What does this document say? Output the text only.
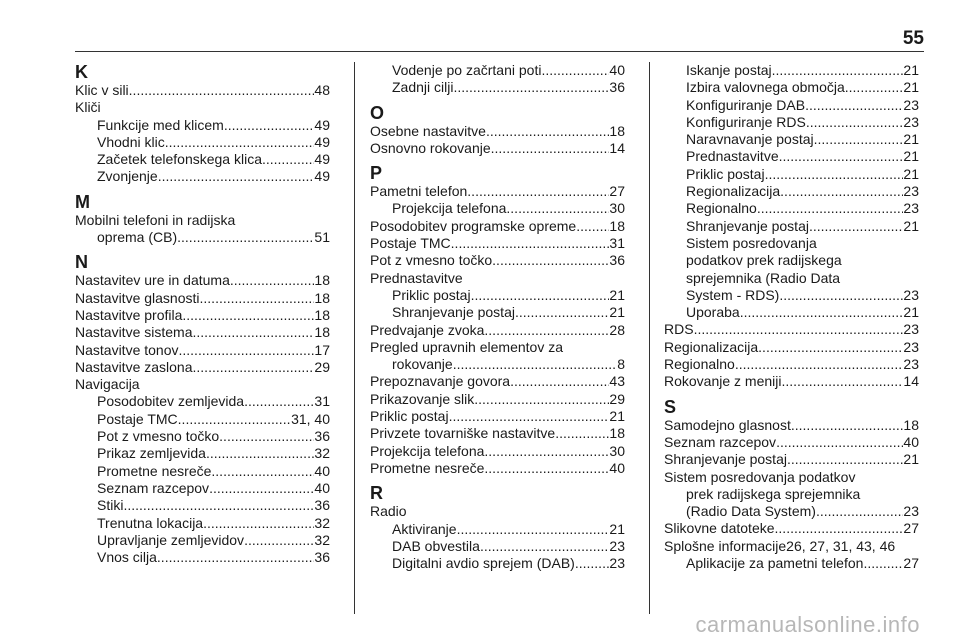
55
K
Klic v sili .....	48
Kliči
Funkcije med klicem .....	49
Vhodni klic .....	49
Začetek telefonskega klica .....	49
Zvonjenje .....	49
M
Mobilni telefoni in radijska
oprema (CB) .....	51
N
Nastavitev ure in datuma .....	18
Nastavitve glasnosti .....	18
Nastavitve profila .....	18
Nastavitve sistema .....	18
Nastavitve tonov .....	17
Nastavitve zaslona .....	29
Navigacija
Posodobitev zemljevida .....	31
Postaje TMC .....	31, 40
Pot z vmesno točko .....	36
Prikaz zemljevida .....	32
Prometne nesreče .....	40
Seznam razcepov .....	40
Stiki .....	36
Trenutna lokacija .....	32
Upravljanje zemljevidov .....	32
Vnos cilja .....	36
Vodenje po začrtani poti .....	40
Zadnji cilji .....	36
O
Osebne nastavitve .....	18
Osnovno rokovanje .....	14
P
Pametni telefon .....	27
Projekcija telefona .....	30
Posodobitev programske opreme ..... 18
Postaje TMC .....	31
Pot z vmesno točko .....	36
Prednastavitve
Priklic postaj .....	21
Shranjevanje postaj .....	21
Predvajanje zvoka .....	28
Pregled upravnih elementov za
rokovanje .....	8
Prepoznavanje govora .....	43
Prikazovanje slik .....	29
Priklic postaj .....	21
Privzete tovarniške nastavitve .....	18
Projekcija telefona .....	30
Prometne nesreče .....	40
R
Radio
Aktiviranje .....	21
DAB obvestila .....	23
Digitalni avdio sprejem (DAB) ..... 23
Iskanje postaj .....	21
Izbira valovnega območja .....	21
Konfiguriranje DAB .....	23
Konfiguriranje RDS .....	23
Naravnavanje postaj .....	21
Prednastavitve .....	21
Priklic postaj .....	21
Regionalizacija .....	23
Regionalno .....	23
Shranjevanje postaj .....	21
Sistem posredovanja
podatkov prek radijskega
sprejemnika (Radio Data
System - RDS) .....	23
Uporaba .....	21
RDS .....	23
Regionalizacija .....	23
Regionalno .....	23
Rokovanje z meniji .....	14
S
Samodejno glasnost .....	18
Seznam razcepov .....	40
Shranjevanje postaj .....	21
Sistem posredovanja podatkov
prek radijskega sprejemnika
(Radio Data System) .....	23
Slikovne datoteke .....	27
Splošne informacije 26, 27, 31, 43, 46
Aplikacije za pametni telefon .....	27
carmanualsonline.info
